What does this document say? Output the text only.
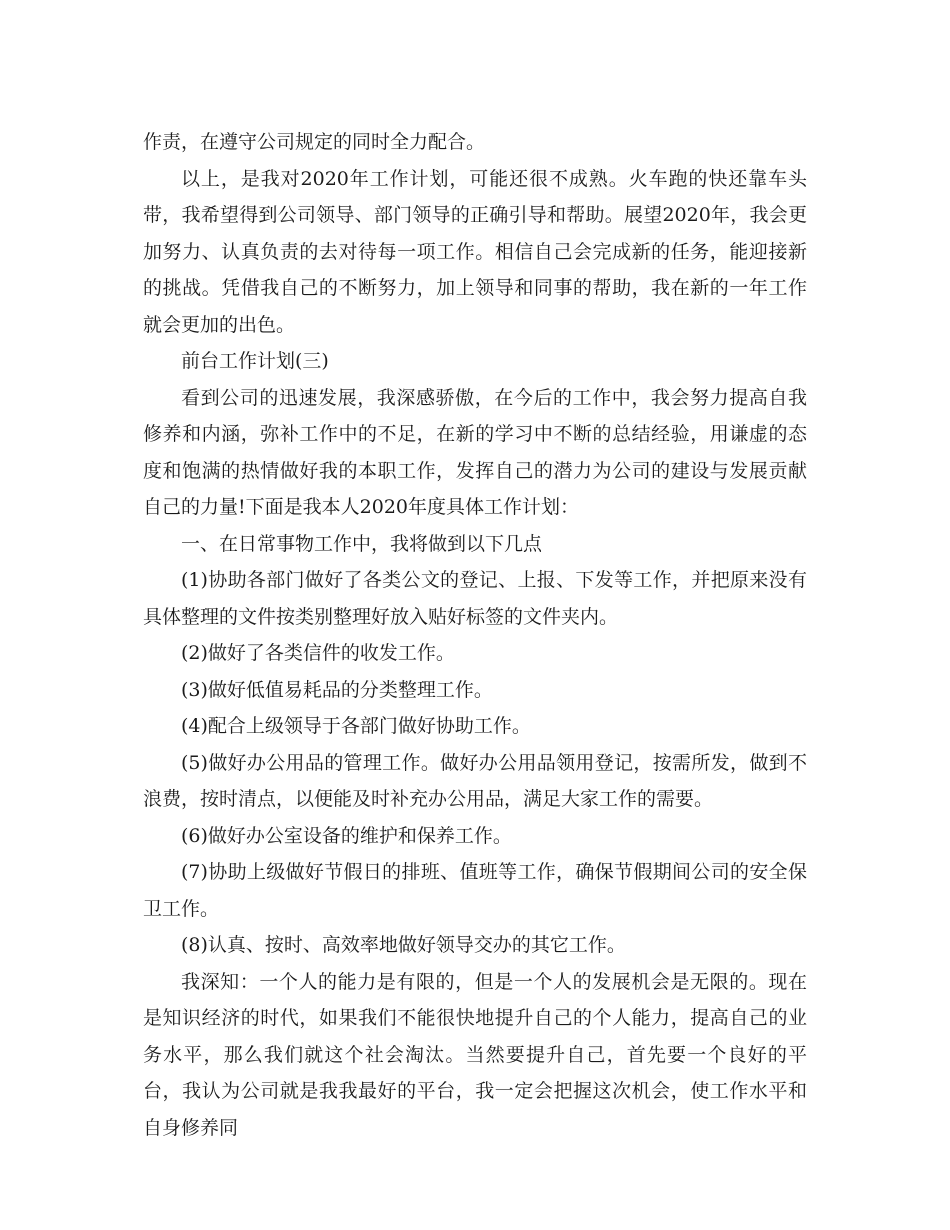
作责，在遵守公司规定的同时全力配合。

以上，是我对2020年工作计划，可能还很不成熟。火车跑的快还靠车头带，我希望得到公司领导、部门领导的正确引导和帮助。展望2020年，我会更加努力、认真负责的去对待每一项工作。相信自己会完成新的任务，能迎接新的挑战。凭借我自己的不断努力，加上领导和同事的帮助，我在新的一年工作就会更加的出色。

前台工作计划(三)

看到公司的迅速发展，我深感骄傲，在今后的工作中，我会努力提高自我修养和内涵，弥补工作中的不足，在新的学习中不断的总结经验，用谦虚的态度和饱满的热情做好我的本职工作，发挥自己的潜力为公司的建设与发展贡献自己的力量!下面是我本人2020年度具体工作计划：

一、在日常事物工作中，我将做到以下几点

(1)协助各部门做好了各类公文的登记、上报、下发等工作，并把原来没有具体整理的文件按类别整理好放入贴好标签的文件夹内。

(2)做好了各类信件的收发工作。

(3)做好低值易耗品的分类整理工作。

(4)配合上级领导于各部门做好协助工作。

(5)做好办公用品的管理工作。做好办公用品领用登记，按需所发，做到不浪费，按时清点，以便能及时补充办公用品，满足大家工作的需要。

(6)做好办公室设备的维护和保养工作。

(7)协助上级做好节假日的排班、值班等工作，确保节假期间公司的安全保卫工作。

(8)认真、按时、高效率地做好领导交办的其它工作。

我深知：一个人的能力是有限的，但是一个人的发展机会是无限的。现在是知识经济的时代，如果我们不能很快地提升自己的个人能力，提高自己的业务水平，那么我们就这个社会淘汰。当然要提升自己，首先要一个良好的平台，我认为公司就是我我最好的平台，我一定会把握这次机会，使工作水平和自身修养同
